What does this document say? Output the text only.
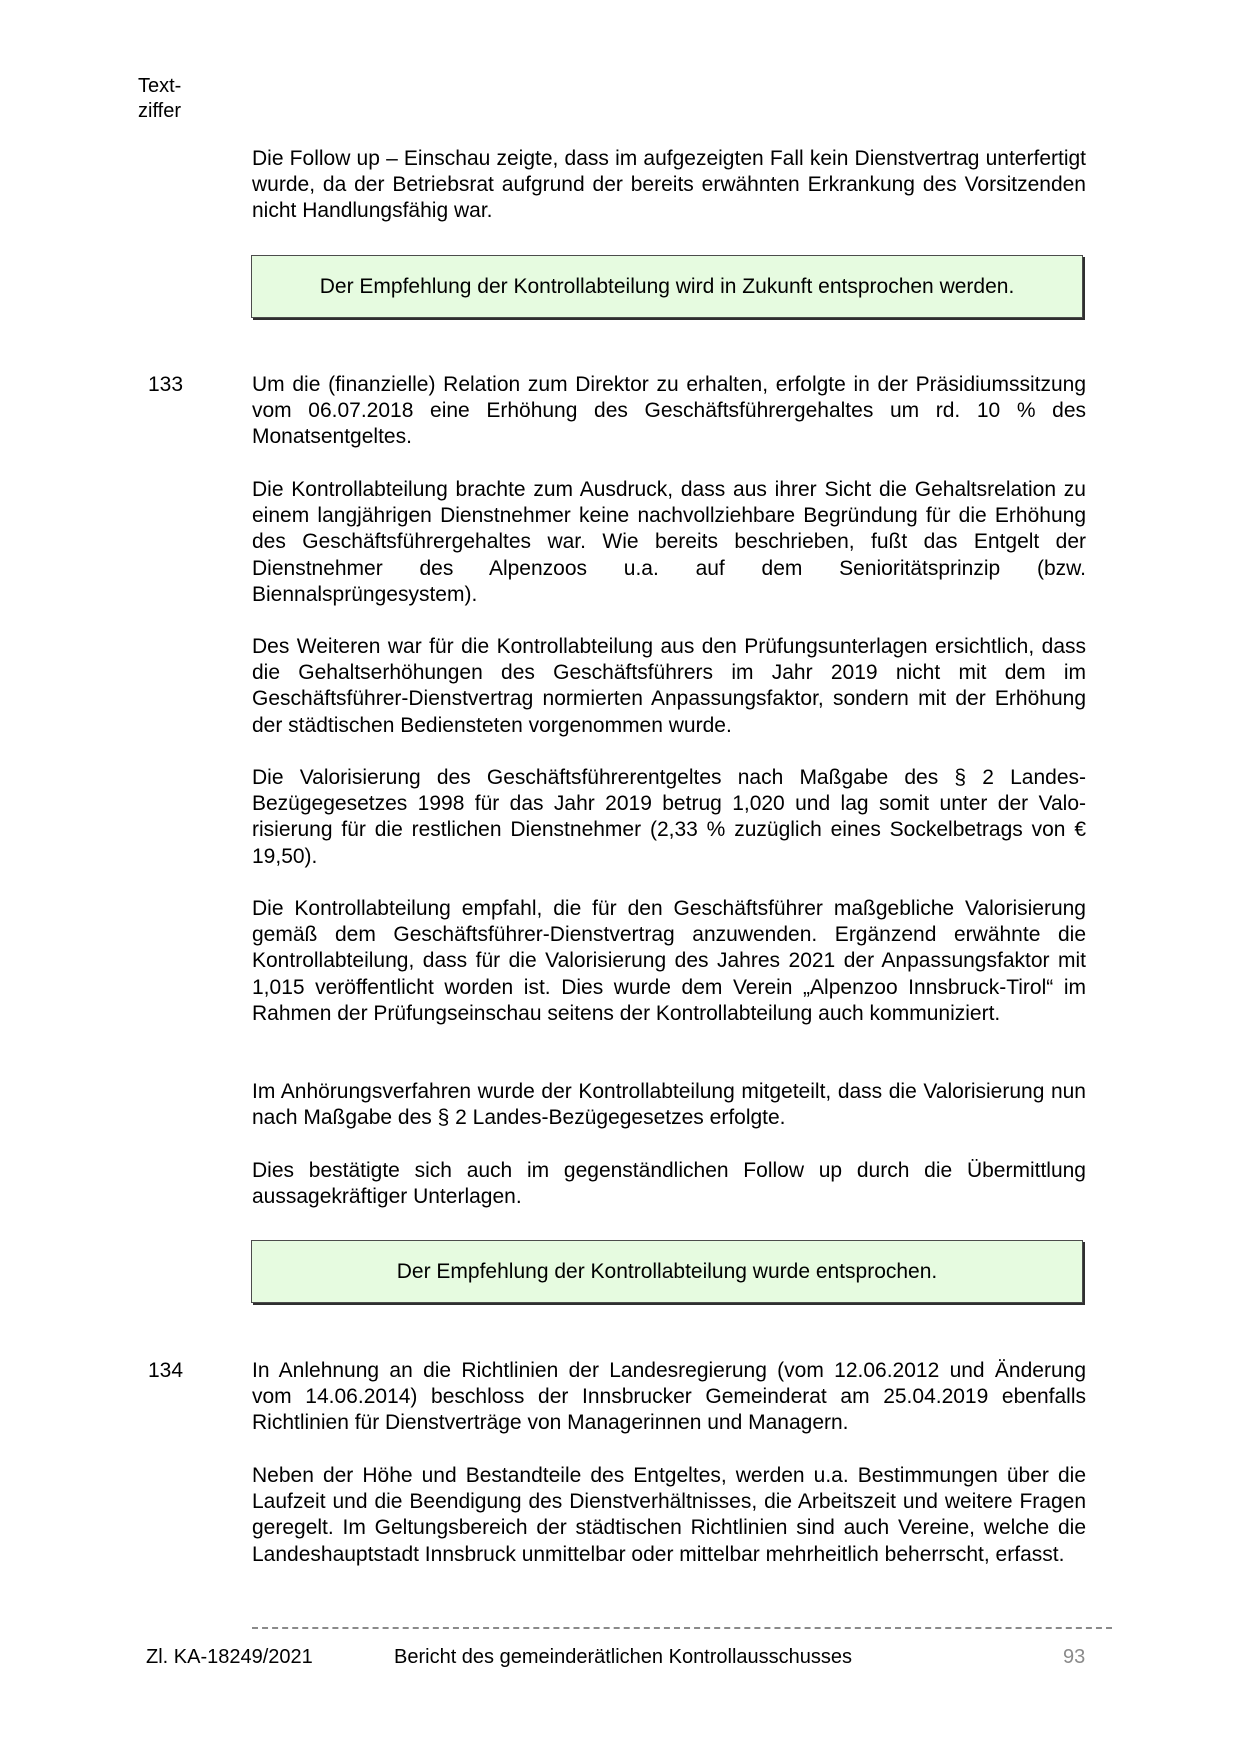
Text-
ziffer

Die Follow up – Einschau zeigte, dass im aufgezeigten Fall kein Dienstvertrag unterfertigt wurde, da der Betriebsrat aufgrund der bereits erwähnten Erkrankung des Vorsitzenden nicht Handlungsfähig war.

Der Empfehlung der Kontrollabteilung wird in Zukunft entsprochen werden.
133	Um die (finanzielle) Relation zum Direktor zu erhalten, erfolgte in der Präsidiumssitzung vom 06.07.2018 eine Erhöhung des Geschäftsführergehaltes um rd. 10 % des Monatsentgeltes.

Die Kontrollabteilung brachte zum Ausdruck, dass aus ihrer Sicht die Gehaltsrelation zu einem langjährigen Dienstnehmer keine nachvollziehbare Begründung für die Erhöhung des Geschäftsführergehaltes war. Wie bereits beschrieben, fußt das Entgelt der Dienstnehmer des Alpenzoos u.a. auf dem Senioritätsprinzip (bzw. Biennalsprüngesystem).

Des Weiteren war für die Kontrollabteilung aus den Prüfungsunterlagen ersichtlich, dass die Gehaltserhöhungen des Geschäftsführers im Jahr 2019 nicht mit dem im Geschäftsführer-Dienstvertrag normierten Anpassungsfaktor, sondern mit der Erhöhung der städtischen Bediensteten vorgenommen wurde.

Die Valorisierung des Geschäftsführerentgeltes nach Maßgabe des § 2 Landes-Bezügegesetzes 1998 für das Jahr 2019 betrug 1,020 und lag somit unter der Valorisierung für die restlichen Dienstnehmer (2,33 % zuzüglich eines Sockelbetrags von € 19,50).

Die Kontrollabteilung empfahl, die für den Geschäftsführer maßgebliche Valorisierung gemäß dem Geschäftsführer-Dienstvertrag anzuwenden. Ergänzend erwähnte die Kontrollabteilung, dass für die Valorisierung des Jahres 2021 der Anpassungsfaktor mit 1,015 veröffentlicht worden ist. Dies wurde dem Verein „Alpenzoo Innsbruck-Tirol“ im Rahmen der Prüfungseinschau seitens der Kontrollabteilung auch kommuniziert.

Im Anhörungsverfahren wurde der Kontrollabteilung mitgeteilt, dass die Valorisierung nun nach Maßgabe des § 2 Landes-Bezügegesetzes erfolgte.

Dies bestätigte sich auch im gegenständlichen Follow up durch die Übermittlung aussagekräftiger Unterlagen.

Der Empfehlung der Kontrollabteilung wurde entsprochen.
134	In Anlehnung an die Richtlinien der Landesregierung (vom 12.06.2012 und Änderung vom 14.06.2014) beschloss der Innsbrucker Gemeinderat am 25.04.2019 ebenfalls Richtlinien für Dienstverträge von Managerinnen und Managern.

Neben der Höhe und Bestandteile des Entgeltes, werden u.a. Bestimmungen über die Laufzeit und die Beendigung des Dienstverhältnisses, die Arbeitszeit und weitere Fragen geregelt. Im Geltungsbereich der städtischen Richtlinien sind auch Vereine, welche die Landeshauptstadt Innsbruck unmittelbar oder mittelbar mehrheitlich beherrscht, erfasst.

Zl. KA-18249/2021	Bericht des gemeinderätlichen Kontrollausschusses	93
